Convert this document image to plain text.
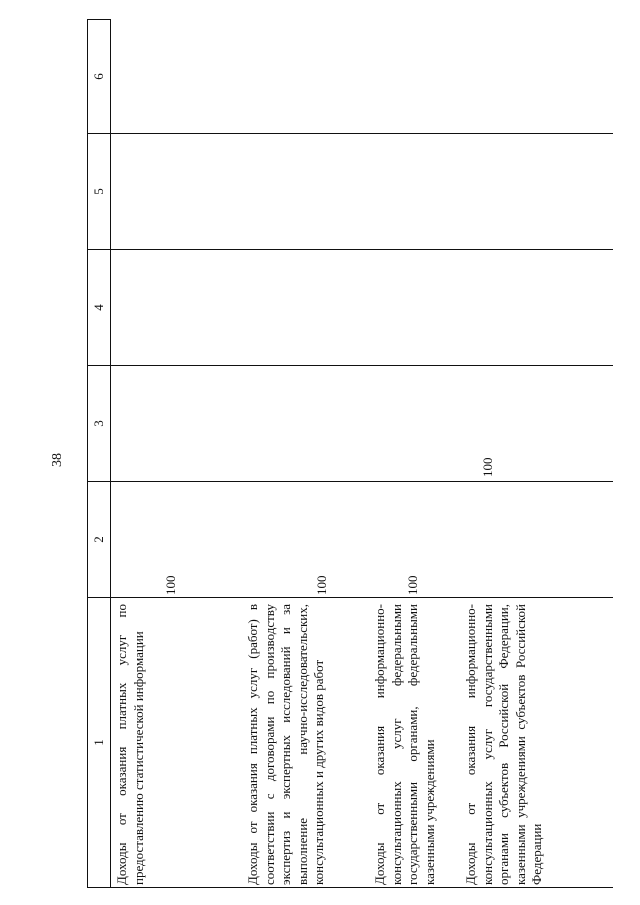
38
1	2	3	4	5	6
Доходы от оказания платных услуг по предоставлению статистической информации	100				

Доходы от оказания платных услуг (работ) в соответствии с договорами по производству экспертиз и экспертных исследований и за выполнение научно-исследовательских, консультационных и других видов работ	100				

Доходы от оказания информационно-консультационных услуг федеральными государственными органами, федеральными казенными учреждениями	100				

Доходы от оказания информационно-консультационных услуг государственными органами субъектов Российской Федерации, казенными учреждениями субъектов Российской Федерации		100			
